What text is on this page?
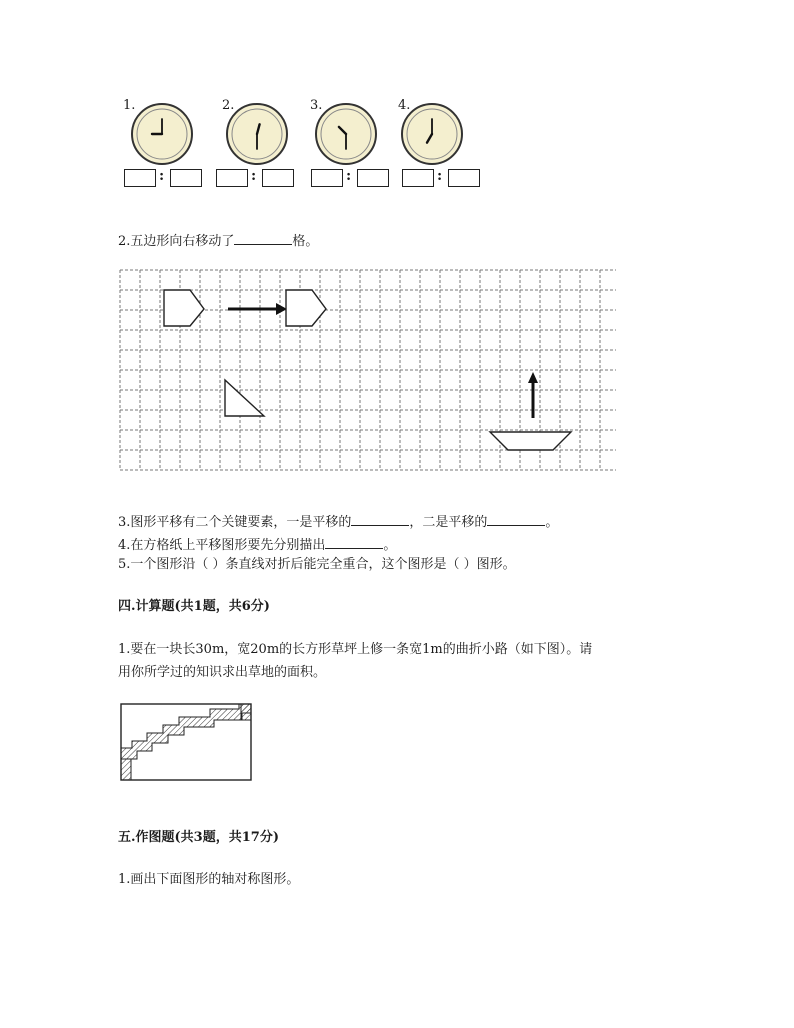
1.	2.	3.	4.
:	:	:	:
2.五边形向右移动了	格。
3.图形平移有二个关键要素，一是平移的	，二是平移的	。
4.在方格纸上平移图形要先分别描出	。
5.一个图形沿（ ）条直线对折后能完全重合，这个图形是（ ）图形。
四.计算题(共1题，共6分)
1.要在一块长30m，宽20m的长方形草坪上修一条宽1m的曲折小路（如下图）。请
用你所学过的知识求出草地的面积。
五.作图题(共3题，共17分)
1.画出下面图形的轴对称图形。
